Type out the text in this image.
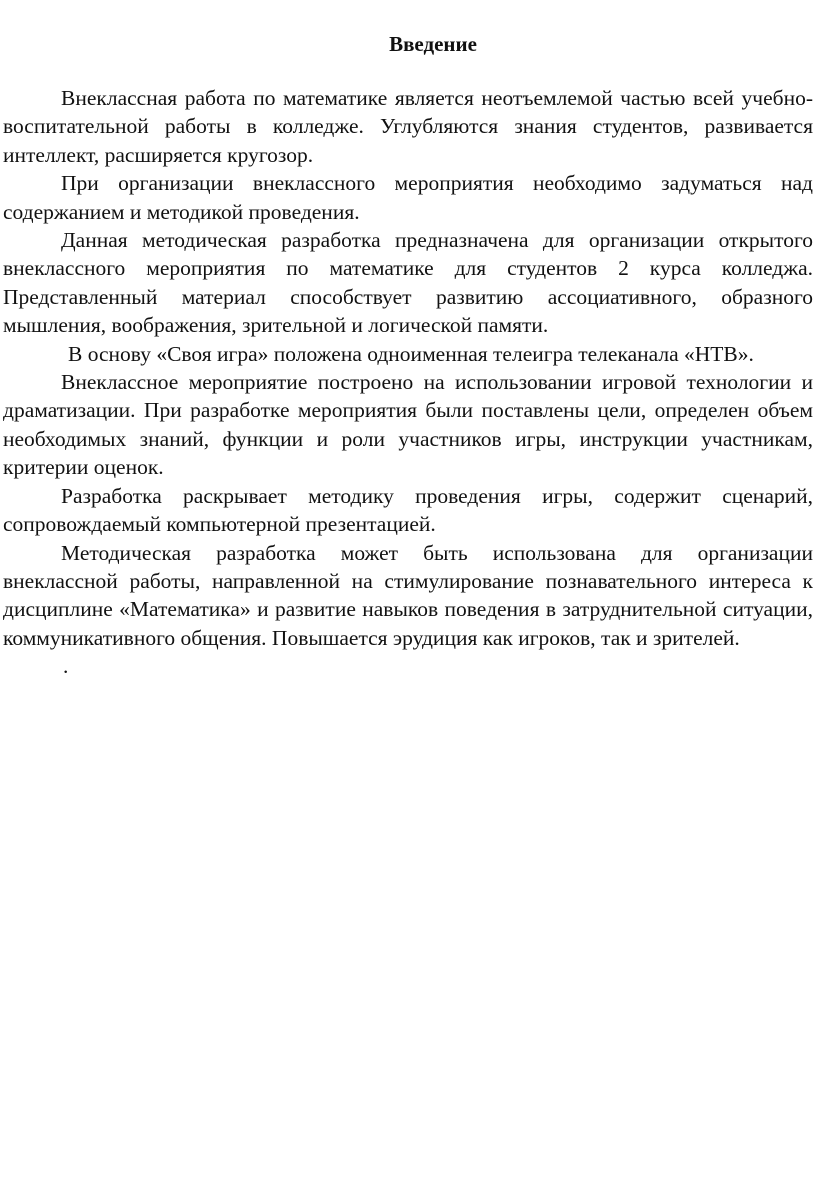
Введение

Внеклассная работа по математике является неотъемлемой частью всей учебно-воспитательной работы в колледже. Углубляются знания студентов, развивается интеллект, расширяется кругозор.

При организации внеклассного мероприятия необходимо задуматься над содержанием и методикой проведения.

Данная методическая разработка предназначена для организации открытого внеклассного мероприятия по математике для студентов 2 курса колледжа. Представленный материал способствует развитию ассоциативного, образного мышления, воображения, зрительной и логической памяти.

В основу «Своя игра» положена одноименная телеигра телеканала «НТВ».

Внеклассное мероприятие построено на использовании игровой технологии и драматизации. При разработке мероприятия были поставлены цели, определен объем необходимых знаний, функции и роли участников игры, инструкции участникам, критерии оценок.

Разработка раскрывает методику проведения игры, содержит сценарий, сопровождаемый компьютерной презентацией.

Методическая разработка может быть использована для организации внеклассной работы, направленной на стимулирование познавательного интереса к дисциплине «Математика» и развитие навыков поведения в затруднительной ситуации, коммуникативного общения. Повышается эрудиция как игроков, так и зрителей.

.
